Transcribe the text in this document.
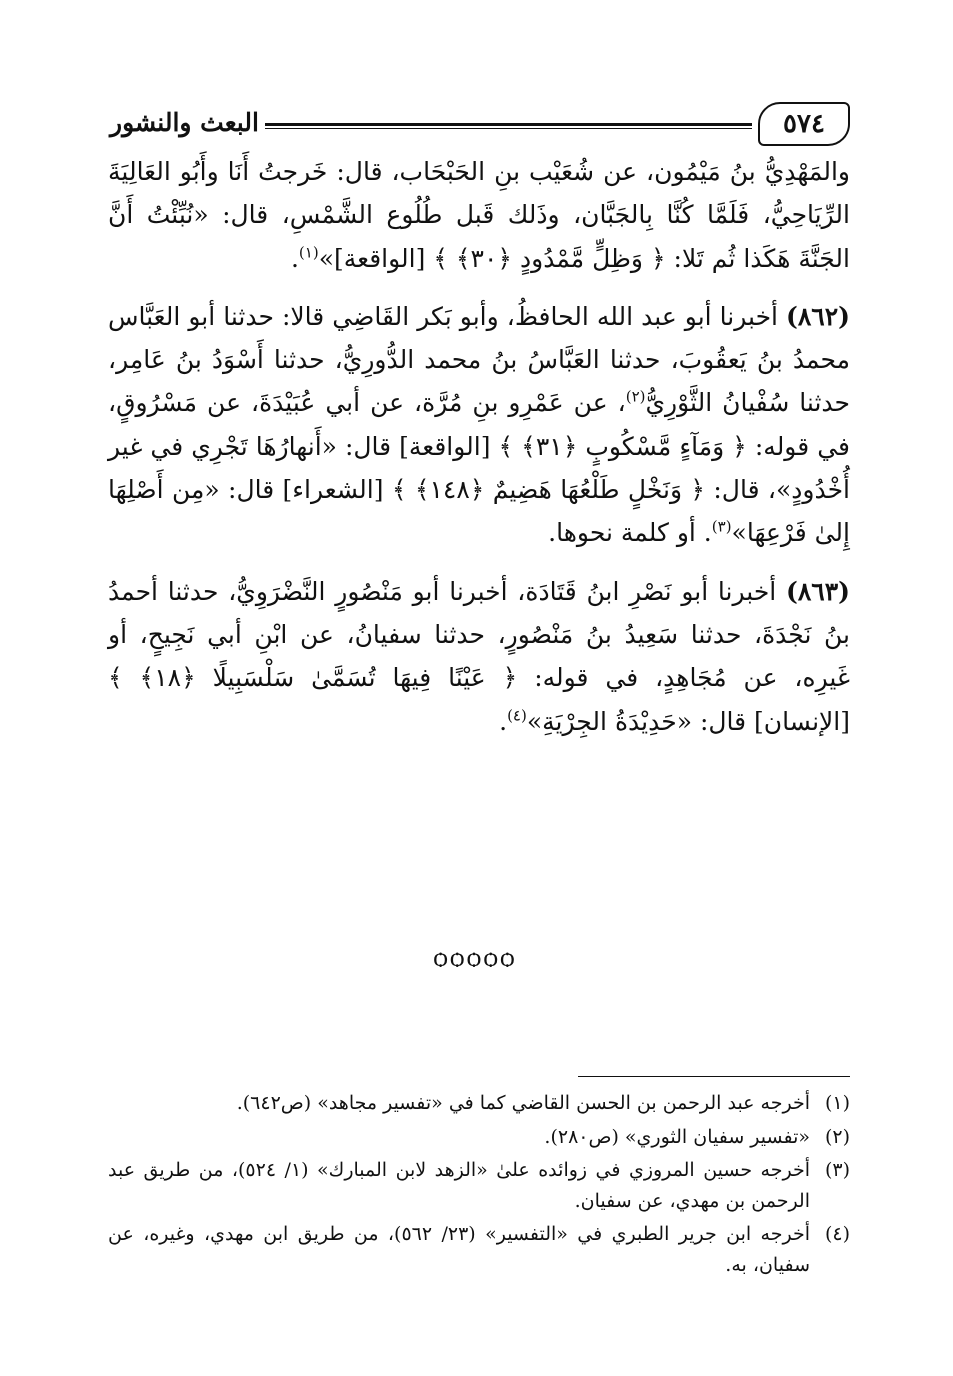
البعث والنشور	٥٧٤

والمَهْدِيُّ بنُ مَيْمُون، عن شُعَيْب بنِ الحَبْحَاب، قال: خَرجتُ أَنَا وأَبُو العَالِيَةَ الرِّيَاحِيُّ، فَلَمَّا كُنَّا بِالجَبَّان، وذَلك قَبل طُلُوع الشَّمْسِ، قال: «نُبِّئْتُ أَنَّ الجَنَّةَ هَكَذا ثُم تَلا: ﴿ وَظِلٍّ مَّمْدُودٍ ﴿٣٠﴾ ﴾ [الواقعة]»$^{(١)}$.

(٨٦٢) أخبرنا أبو عبد الله الحافظُ، وأبو بَكر القَاضِي قالا: حدثنا أبو العَبَّاس محمدُ بنُ يَعقُوبَ، حدثنا العَبَّاسُ بنُ محمد الدُّورِيُّ، حدثنا أَسْوَدُ بنُ عَامِر، حدثنا سُفْيانُ الثَّوْرِيُّ$^{(٢)}$، عن عَمْرِو بنِ مُرَّة، عن أبي عُبَيْدَةَ، عن مَسْرُوقٍ، في قوله: ﴿ وَمَآءٍ مَّسْكُوبٍ ﴿٣١﴾ ﴾ [الواقعة] قال: «أَنهارُهَا تَجْرِي في غير أُخْدُودٍ»، قال: ﴿ وَنَخْلٍ طَلْعُهَا هَضِيمٌ ﴿١٤٨﴾ ﴾ [الشعراء] قال: «مِن أَصْلِهَا إِلىٰ فَرْعِهَا»$^{(٣)}$. أو كلمة نحوها.

(٨٦٣) أخبرنا أبو نَصْرِ ابنُ قَتَادَة، أخبرنا أبو مَنْصُورٍ النَّضْرَوِيُّ، حدثنا أحمدُ بنُ نَجْدَةَ، حدثنا سَعِيدُ بنُ مَنْصُورٍ، حدثنا سفيانُ، عن ابْنِ أبي نَجِيحٍ، أو غَيرِه، عن مُجَاهِدٍ، في قوله: ﴿ عَيْنًا فِيهَا تُسَمَّىٰ سَلْسَبِيلًا ﴿١٨﴾ ﴾ [الإنسان] قال: «حَدِيْدَةُ الجِرْيَةِ»$^{(٤)}$.

ѻѻѻѻѻ

(١)
أخرجه عبد الرحمن بن الحسن القاضي كما في «تفسير مجاهد» (ص٦٤٢).

(٢)
«تفسير سفيان الثوري» (ص٢٨٠).

(٣)
أخرجه حسين المروزي في زوائده علىٰ «الزهد لابن المبارك» (١/ ٥٢٤)، من طريق عبد الرحمن بن مهدي، عن سفيان.

(٤)
أخرجه ابن جرير الطبري في «التفسير» (٢٣/ ٥٦٢)، من طريق ابن مهدي، وغيره، عن سفيان، به.
